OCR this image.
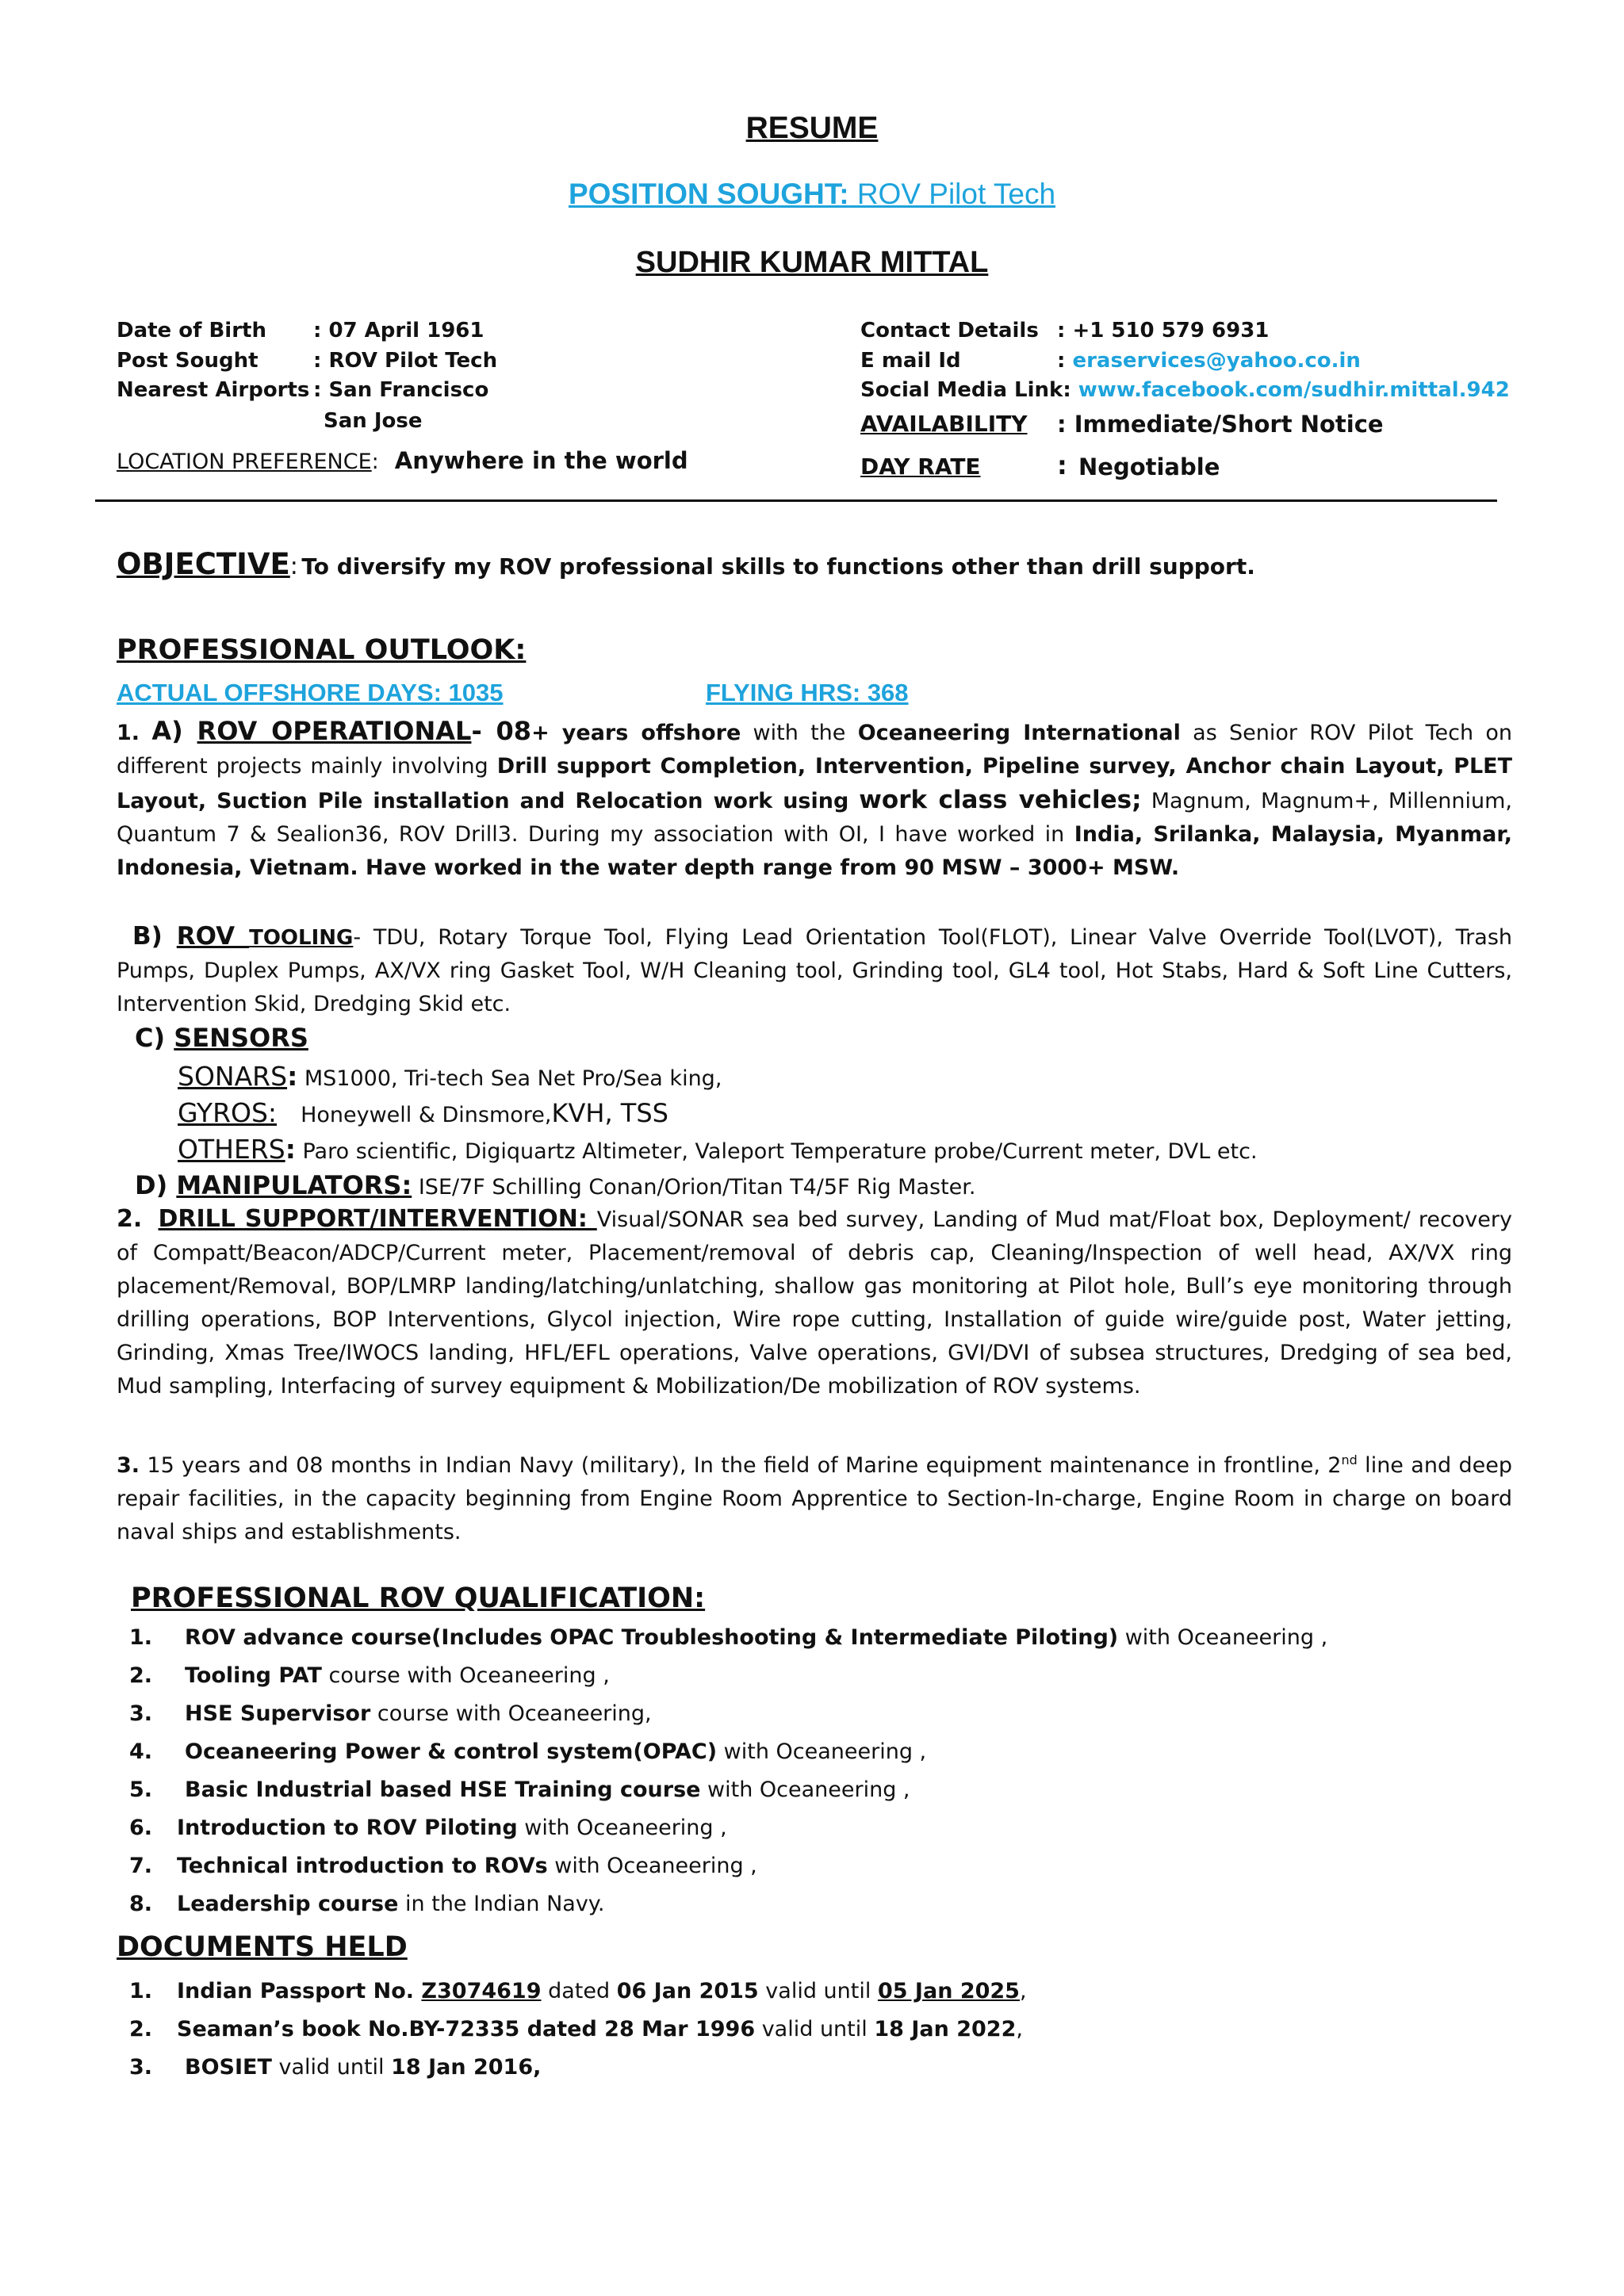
RESUME
POSITION SOUGHT: ROV Pilot Tech
SUDHIR KUMAR MITTAL
Date of Birth : 07 April 1961
Post Sought	: ROV Pilot Tech
Nearest Airports : San Francisco
San Jose
LOCATION PREFERENCE: Anywhere in the world
Contact Details : +1 510 579 6931
E mail Id	: eraservices@yahoo.co.in
Social Media Link: www.facebook.com/sudhir.mittal.942
AVAILABILITY : Immediate/Short Notice
DAY RATE	: Negotiable
OBJECTIVE: To diversify my ROV professional skills to functions other than drill support.
PROFESSIONAL OUTLOOK:
ACTUAL OFFSHORE DAYS: 1035	FLYING HRS: 368
1. A) ROV OPERATIONAL- 08+ years offshore with the Oceaneering International as Senior ROV Pilot Tech on different projects mainly involving Drill support Completion, Intervention, Pipeline survey, Anchor chain Layout, PLET Layout, Suction Pile installation and Relocation work using work class vehicles; Magnum, Magnum+, Millennium, Quantum 7 & Sealion36, ROV Drill3. During my association with OI, I have worked in India, Srilanka, Malaysia, Myanmar, Indonesia, Vietnam. Have worked in the water depth range from 90 MSW – 3000+ MSW.
B) ROV TOOLING- TDU, Rotary Torque Tool, Flying Lead Orientation Tool(FLOT), Linear Valve Override Tool(LVOT), Trash Pumps, Duplex Pumps, AX/VX ring Gasket Tool, W/H Cleaning tool, Grinding tool, GL4 tool, Hot Stabs, Hard & Soft Line Cutters, Intervention Skid, Dredging Skid etc.
C) SENSORS
SONARS: MS1000, Tri-tech Sea Net Pro/Sea king,
GYROS: Honeywell & Dinsmore,KVH, TSS
OTHERS: Paro scientific, Digiquartz Altimeter, Valeport Temperature probe/Current meter, DVL etc.
D) MANIPULATORS: ISE/7F Schilling Conan/Orion/Titan T4/5F Rig Master.
2. DRILL SUPPORT/INTERVENTION: Visual/SONAR sea bed survey, Landing of Mud mat/Float box, Deployment/ recovery of Compatt/Beacon/ADCP/Current meter, Placement/removal of debris cap, Cleaning/Inspection of well head, AX/VX ring placement/Removal, BOP/LMRP landing/latching/unlatching, shallow gas monitoring at Pilot hole, Bull’s eye monitoring through drilling operations, BOP Interventions, Glycol injection, Wire rope cutting, Installation of guide wire/guide post, Water jetting, Grinding, Xmas Tree/IWOCS landing, HFL/EFL operations, Valve operations, GVI/DVI of subsea structures, Dredging of sea bed, Mud sampling, Interfacing of survey equipment & Mobilization/De mobilization of ROV systems.
3. 15 years and 08 months in Indian Navy (military), In the field of Marine equipment maintenance in frontline, 2nd line and deep repair facilities, in the capacity beginning from Engine Room Apprentice to Section-In-charge, Engine Room in charge on board naval ships and establishments.
PROFESSIONAL ROV QUALIFICATION:
1. ROV advance course(Includes OPAC Troubleshooting & Intermediate Piloting) with Oceaneering ,
2. Tooling PAT course with Oceaneering ,
3. HSE Supervisor course with Oceaneering,
4. Oceaneering Power & control system(OPAC) with Oceaneering ,
5. Basic Industrial based HSE Training course with Oceaneering ,
6. Introduction to ROV Piloting with Oceaneering ,
7. Technical introduction to ROVs with Oceaneering ,
8. Leadership course in the Indian Navy.
DOCUMENTS HELD
1. Indian Passport No. Z3074619 dated 06 Jan 2015 valid until 05 Jan 2025,
2. Seaman’s book No.BY-72335 dated 28 Mar 1996 valid until 18 Jan 2022,
3. BOSIET valid until 18 Jan 2016,
